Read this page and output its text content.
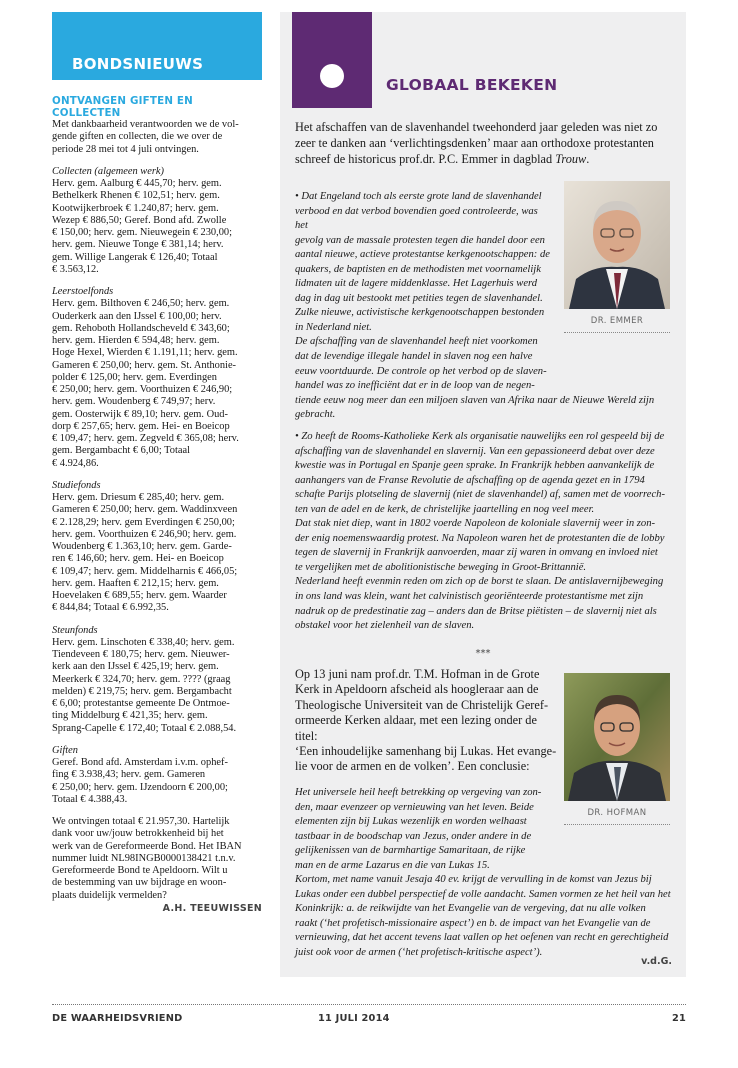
BONDSNIEUWS
ONTVANGEN GIFTEN EN COLLECTEN
Met dankbaarheid verantwoorden we de vol-
gende giften en collecten, die we over de
periode 28 mei tot 4 juli ontvingen.

Collecten (algemeen werk)
Herv. gem. Aalburg € 445,70; herv. gem.
Bethelkerk Rhenen € 102,51; herv. gem.
Kootwijkerbroek € 1.240,87; herv. gem.
Wezep € 886,50; Geref. Bond afd. Zwolle
€ 150,00; herv. gem. Nieuwegein € 230,00;
herv. gem. Nieuwe Tonge € 381,14; herv.
gem. Willige Langerak € 126,40; Totaal
€ 3.563,12.

Leerstoelfonds
Herv. gem. Bilthoven € 246,50; herv. gem.
Ouderkerk aan den IJssel € 100,00; herv.
gem. Rehoboth Hollandscheveld € 343,60;
herv. gem. Hierden € 594,48; herv. gem.
Hoge Hexel, Wierden € 1.191,11; herv. gem.
Gameren € 250,00; herv. gem. St. Anthonie-
polder € 125,00; herv. gem. Everdingen
€ 250,00; herv. gem. Voorthuizen € 246,90;
herv. gem. Woudenberg € 749,97; herv.
gem. Oosterwijk € 89,10; herv. gem. Oud-
dorp € 257,65; herv. gem. Hei- en Boeicop
€ 109,47; herv. gem. Zegveld € 365,08; herv.
gem. Bergambacht € 6,00; Totaal
€ 4.924,86.

Studiefonds
Herv. gem. Driesum € 285,40; herv. gem.
Gameren € 250,00; herv. gem. Waddinxveen
€ 2.128,29; herv. gem Everdingen € 250,00;
herv. gem. Voorthuizen € 246,90; herv. gem.
Woudenberg € 1.363,10; herv. gem. Garde-
ren € 146,60; herv. gem. Hei- en Boeicop
€ 109,47; herv. gem. Middelharnis € 466,05;
herv. gem. Haaften € 212,15; herv. gem.
Hoevelaken € 689,55; herv. gem. Waarder
€ 844,84; Totaal € 6.992,35.

Steunfonds
Herv. gem. Linschoten € 338,40; herv. gem.
Tiendeveen € 180,75; herv. gem. Nieuwer-
kerk aan den IJssel € 425,19; herv. gem.
Meerkerk € 324,70; herv. gem. ???? (graag
melden) € 219,75; herv. gem. Bergambacht
€ 6,00; protestantse gemeente De Ontmoe-
ting Middelburg € 421,35; herv. gem.
Sprang-Capelle € 172,40; Totaal € 2.088,54.

Giften
Geref. Bond afd. Amsterdam i.v.m. ophef-
fing € 3.938,43; herv. gem. Gameren
€ 250,00; herv. gem. IJzendoorn € 200,00;
Totaal € 4.388,43.

We ontvingen totaal € 21.957,30. Hartelijk
dank voor uw/jouw betrokkenheid bij het
werk van de Gereformeerde Bond. Het IBAN
nummer luidt NL98INGB0000138421 t.n.v.
Gereformeerde Bond te Apeldoorn. Wilt u
de bestemming van uw bijdrage en woon-
plaats duidelijk vermelden?

A.H. TEEUWISSEN
GLOBAAL BEKEKEN

Het afschaffen van de slavenhandel tweehonderd jaar geleden was niet zo
zeer te danken aan ‘verlichtingsdenken’ maar aan orthodoxe protestanten
schreef de historicus prof.dr. P.C. Emmer in dagblad Trouw.

DR. EMMER
• Dat Engeland toch als eerste grote land de slavenhandel
verbood en dat verbod bovendien goed controleerde, was het
gevolg van de massale protesten tegen die handel door een
aantal nieuwe, actieve protestantse kerkgenootschappen: de
quakers, de baptisten en de methodisten met voornamelijk
lidmaten uit de lagere middenklasse. Het Lagerhuis werd
dag in dag uit bestookt met petities tegen de slavenhandel.
Zulke nieuwe, activistische kerkgenootschappen bestonden
in Nederland niet.
De afschaffing van de slavenhandel heeft niet voorkomen
dat de levendige illegale handel in slaven nog een halve
eeuw voortduurde. De controle op het verbod op de slaven-
handel was zo inefficiënt dat er in de loop van de negen-

tiende eeuw nog meer dan een miljoen slaven van Afrika naar de Nieuwe Wereld zijn
gebracht.

• Zo heeft de Rooms-Katholieke Kerk als organisatie nauwelijks een rol gespeeld bij de
afschaffing van de slavenhandel en slavernij. Van een gepassioneerd debat over deze
kwestie was in Portugal en Spanje geen sprake. In Frankrijk hebben aanvankelijk de
aanhangers van de Franse Revolutie de afschaffing op de agenda gezet en in 1794
schafte Parijs plotseling de slavernij (niet de slavenhandel) af, samen met de voorrech-
ten van de adel en de kerk, de christelijke jaartelling en nog veel meer.
Dat stak niet diep, want in 1802 voerde Napoleon de koloniale slavernij weer in zon-
der enig noemenswaardig protest. Na Napoleon waren het de protestanten die de lobby
tegen de slavernij in Frankrijk aanvoerden, maar zij waren in omvang en invloed niet
te vergelijken met de abolitionistische beweging in Groot-Brittannië.
Nederland heeft evenmin reden om zich op de borst te slaan. De antislavernijbeweging
in ons land was klein, want het calvinistisch georiënteerde protestantisme met zijn
nadruk op de predestinatie zag – anders dan de Britse piëtisten – de slavernij niet als
obstakel voor het zielenheil van de slaven.

***

Op 13 juni nam prof.dr. T.M. Hofman in de Grote
Kerk in Apeldoorn afscheid als hoogleraar aan de
Theologische Universiteit van de Christelijk Geref-
ormeerde Kerken aldaar, met een lezing onder de titel:
‘Een inhoudelijke samenhang bij Lukas. Het evange-
lie voor de armen en de volken’. Een conclusie:

DR. HOFMAN
Het universele heil heeft betrekking op vergeving van zon-
den, maar evenzeer op vernieuwing van het leven. Beide
elementen zijn bij Lukas wezenlijk en worden welhaast
tastbaar in de boodschap van Jezus, onder andere in de
gelijkenissen van de barmhartige Samaritaan, de rijke
man en de arme Lazarus en die van Lukas 15.

Kortom, met name vanuit Jesaja 40 ev. krijgt de vervulling in de komst van Jezus bij
Lukas onder een dubbel perspectief de volle aandacht. Samen vormen ze het heil van het
Koninkrijk: a. de reikwijdte van het Evangelie van de vergeving, dat nu alle volken
raakt (‘het profetisch-missionaire aspect’) en b. de impact van het Evangelie van de
vernieuwing, dat het accent tevens laat vallen op het oefenen van recht en gerechtigheid
juist ook voor de armen (‘het profetisch-kritische aspect’).

v.d.G.
DE WAARHEIDSVRIEND	11 JULI 2014	21
